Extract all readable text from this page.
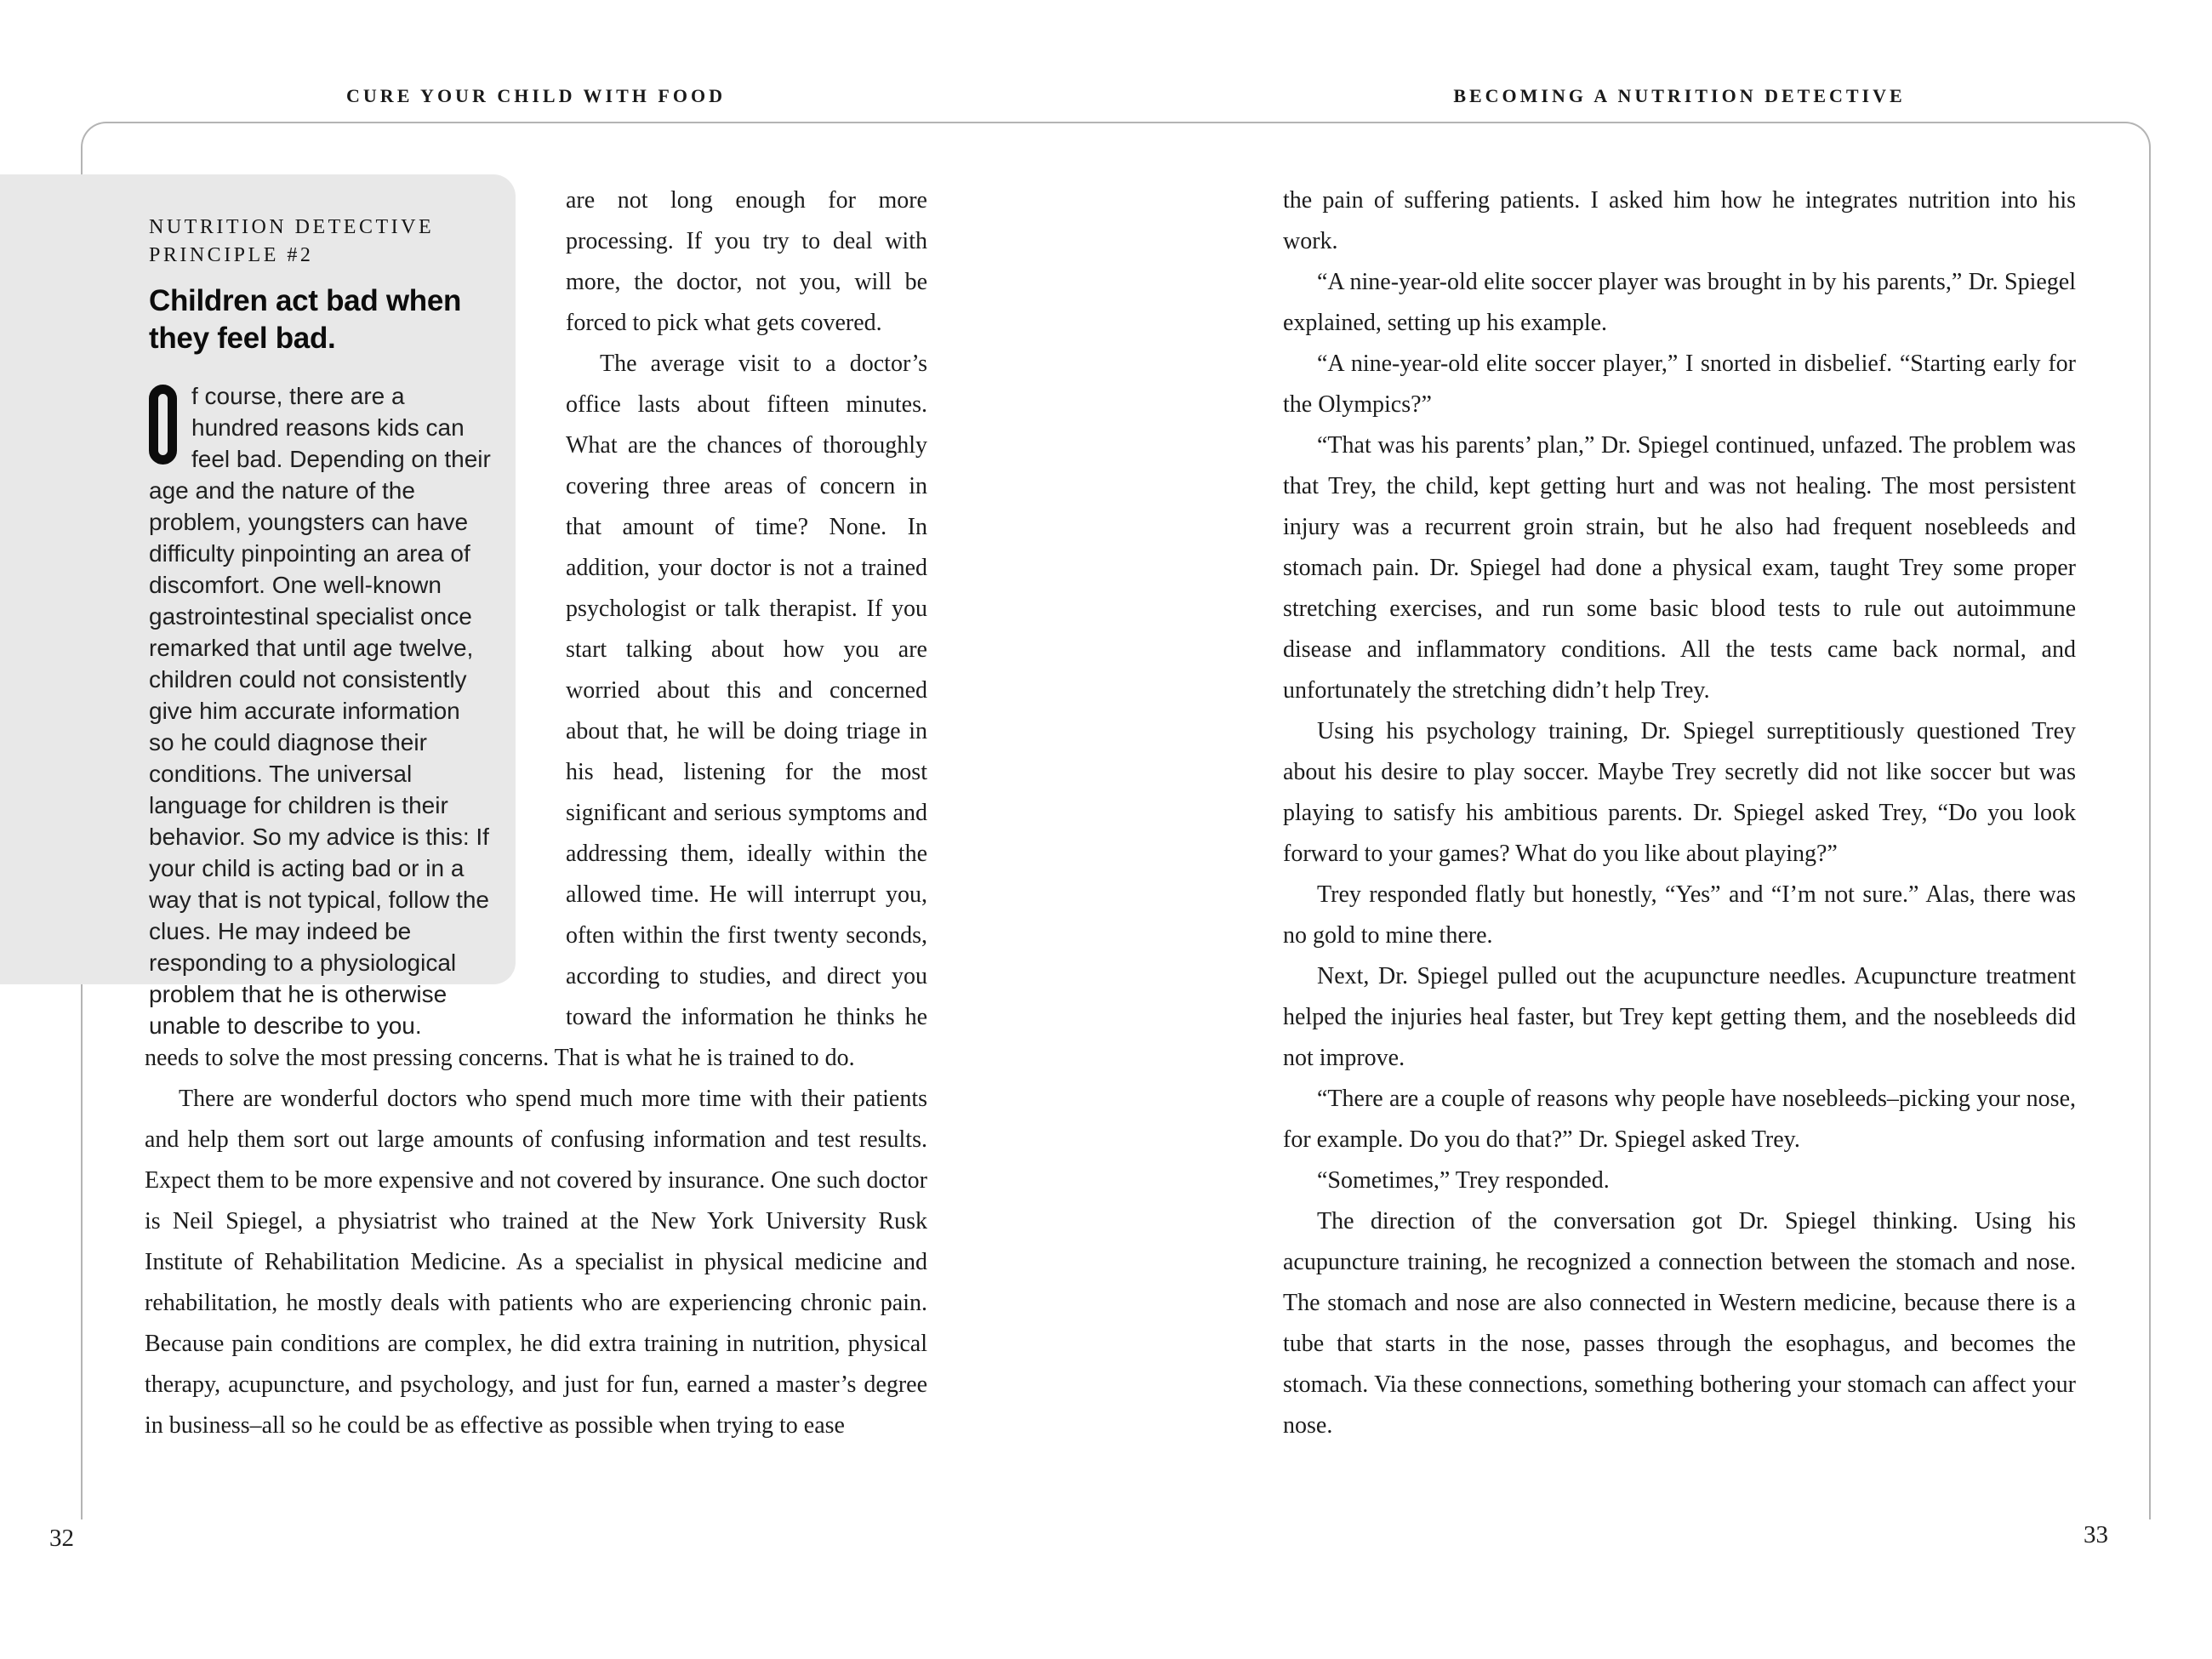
CURE YOUR CHILD WITH FOOD	BECOMING A NUTRITION DETECTIVE
NUTRITION DETECTIVE PRINCIPLE #2
Children act bad when they feel bad.
f course, there are a hundred reasons kids can feel bad. Depending on their age and the nature of the problem, youngsters can have difficulty pinpointing an area of discomfort. One well-known gastrointestinal specialist once remarked that until age twelve, children could not consistently give him accurate information so he could diagnose their conditions. The universal language for children is their behavior. So my advice is this: If your child is acting bad or in a way that is not typical, follow the clues. He may indeed be responding to a physiological problem that he is otherwise unable to describe to you.

are not long enough for more processing. If you try to deal with more, the doctor, not you, will be forced to pick what gets covered.

The average visit to a doctor’s office lasts about fifteen minutes. What are the chances of thoroughly covering three areas of concern in that amount of time? None. In addition, your doctor is not a trained psychologist or talk therapist. If you start talking about how you are worried about this and concerned about that, he will be doing triage in his head, listening for the most significant and serious symptoms and addressing them, ideally within the allowed time. He will interrupt you, often within the first twenty seconds, according to studies, and direct you toward the information he thinks he needs to solve the most pressing concerns. That is what he is trained to do.

There are wonderful doctors who spend much more time with their patients and help them sort out large amounts of confusing information and test results. Expect them to be more expensive and not covered by insurance. One such doctor is Neil Spiegel, a physiatrist who trained at the New York University Rusk Institute of Rehabilitation Medicine. As a specialist in physical medicine and rehabilitation, he mostly deals with patients who are experiencing chronic pain. Because pain conditions are complex, he did extra training in nutrition, physical therapy, acupuncture, and psychology, and just for fun, earned a master’s degree in business–all so he could be as effective as possible when trying to ease

the pain of suffering patients. I asked him how he integrates nutrition into his work.

“A nine-year-old elite soccer player was brought in by his parents,” Dr. Spiegel explained, setting up his example.

“A nine-year-old elite soccer player,” I snorted in disbelief. “Starting early for the Olympics?”

“That was his parents’ plan,” Dr. Spiegel continued, unfazed. The problem was that Trey, the child, kept getting hurt and was not healing. The most persistent injury was a recurrent groin strain, but he also had frequent nosebleeds and stomach pain. Dr. Spiegel had done a physical exam, taught Trey some proper stretching exercises, and run some basic blood tests to rule out autoimmune disease and inflammatory conditions. All the tests came back normal, and unfortunately the stretching didn’t help Trey.

Using his psychology training, Dr. Spiegel surreptitiously questioned Trey about his desire to play soccer. Maybe Trey secretly did not like soccer but was playing to satisfy his ambitious parents. Dr. Spiegel asked Trey, “Do you look forward to your games? What do you like about playing?”

Trey responded flatly but honestly, “Yes” and “I’m not sure.” Alas, there was no gold to mine there.

Next, Dr. Spiegel pulled out the acupuncture needles. Acupuncture treatment helped the injuries heal faster, but Trey kept getting them, and the nosebleeds did not improve.

“There are a couple of reasons why people have nosebleeds–picking your nose, for example. Do you do that?” Dr. Spiegel asked Trey.

“Sometimes,” Trey responded.

The direction of the conversation got Dr. Spiegel thinking. Using his acupuncture training, he recognized a connection between the stomach and nose. The stomach and nose are also connected in Western medicine, because there is a tube that starts in the nose, passes through the esophagus, and becomes the stomach. Via these connections, something bothering your stomach can affect your nose.

32	33
